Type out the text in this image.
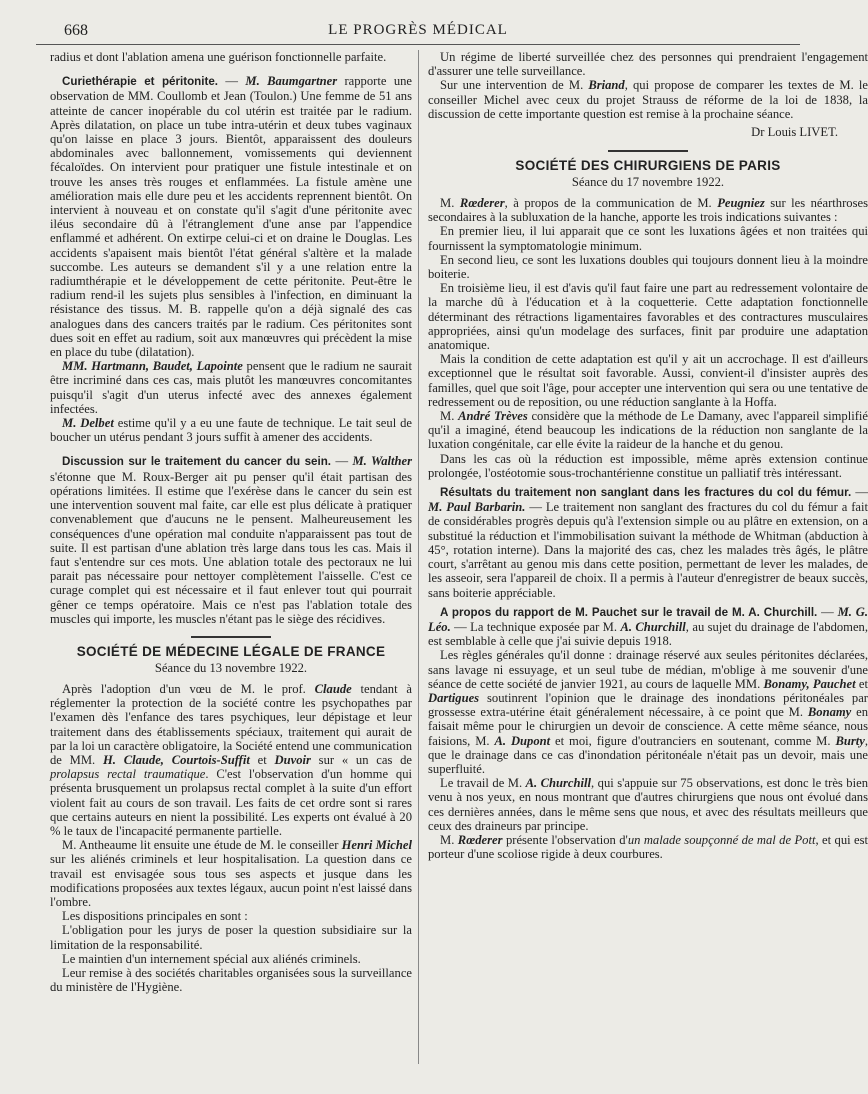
668	LE PROGRÈS MÉDICAL

radius et dont l'ablation amena une guérison fonctionnelle parfaite.

Curiethérapie et péritonite. — M. Baumgartner rapporte une observation de MM. Coullomb et Jean (Toulon.) Une femme de 51 ans atteinte de cancer inopérable du col utérin est traitée par le radium. Après dilatation, on place un tube intra-utérin et deux tubes vaginaux qu'on laisse en place 3 jours. Bientôt, apparaissent des douleurs abdominales avec ballonnement, vomissements qui deviennent fécaloïdes. On intervient pour pratiquer une fistule intestinale et on trouve les anses très rouges et enflammées. La fistule amène une amélioration mais elle dure peu et les accidents reprennent bientôt. On intervient à nouveau et on constate qu'il s'agit d'une péritonite avec iléus secondaire dû à l'étranglement d'une anse par l'appendice enflammé et adhérent. On extirpe celui-ci et on draine le Douglas. Les accidents s'apaisent mais bientôt l'état général s'altère et la malade succombe. Les auteurs se demandent s'il y a une relation entre la radiumthérapie et le développement de cette péritonite. Peut-être le radium rend-il les sujets plus sensibles à l'infection, en diminuant la résistance des tissus. M. B. rappelle qu'on a déjà signalé des cas analogues dans des cancers traités par le radium. Ces péritonites sont dues soit en effet au radium, soit aux manœuvres qui précèdent la mise en place du tube (dilatation).

MM. Hartmann, Baudet, Lapointe pensent que le radium ne saurait être incriminé dans ces cas, mais plutôt les manœuvres concomitantes puisqu'il s'agit d'un uterus infecté avec des annexes également infectées.

M. Delbet estime qu'il y a eu une faute de technique. Le tait seul de boucher un utérus pendant 3 jours suffit à amener des accidents.

Discussion sur le traitement du cancer du sein. — M. Walther s'étonne que M. Roux-Berger ait pu penser qu'il était partisan des opérations limitées. Il estime que l'exérèse dans le cancer du sein est une intervention souvent mal faite, car elle est plus délicate à pratiquer convenablement que d'aucuns ne le pensent. Malheureusement les conséquences d'une opération mal conduite n'apparaissent pas tout de suite. Il est partisan d'une ablation très large dans tous les cas. Mais il faut s'entendre sur ces mots. Une ablation totale des pectoraux ne lui parait pas nécessaire pour nettoyer complètement l'aisselle. C'est ce curage complet qui est nécessaire et il faut enlever tout qui pourrait gêner ce temps opératoire. Mais ce n'est pas l'ablation totale des muscles qui importe, les muscles n'étant pas le siège des récidives.

SOCIÉTÉ DE MÉDECINE LÉGALE DE FRANCE
Séance du 13 novembre 1922.

Après l'adoption d'un vœu de M. le prof. Claude tendant à réglementer la protection de la société contre les psychopathes par l'examen dès l'enfance des tares psychiques, leur dépistage et leur traitement dans des établissements spéciaux, traitement qui aurait de par la loi un caractère obligatoire, la Société entend une communication de MM. H. Claude, Courtois-Suffit et Duvoir sur « un cas de prolapsus rectal traumatique. C'est l'observation d'un homme qui présenta brusquement un prolapsus rectal complet à la suite d'un effort violent fait au cours de son travail. Les faits de cet ordre sont si rares que certains auteurs en nient la possibilité. Les experts ont évalué à 20 % le taux de l'incapacité permanente partielle.

M. Antheaume lit ensuite une étude de M. le conseiller Henri Michel sur les aliénés criminels et leur hospitalisation. La question dans ce travail est envisagée sous tous ses aspects et jusque dans les modifications proposées aux textes légaux, aucun point n'est laissé dans l'ombre.

Les dispositions principales en sont :

L'obligation pour les jurys de poser la question subsidiaire sur la limitation de la responsabilité.

Le maintien d'un internement spécial aux aliénés criminels.

Leur remise à des sociétés charitables organisées sous la surveillance du ministère de l'Hygiène.

Un régime de liberté surveillée chez des personnes qui prendraient l'engagement d'assurer une telle surveillance.

Sur une intervention de M. Briand, qui propose de comparer les textes de M. le conseiller Michel avec ceux du projet Strauss de réforme de la loi de 1838, la discussion de cette importante question est remise à la prochaine séance.

Dr Louis LIVET.
SOCIÉTÉ DES CHIRURGIENS DE PARIS
Séance du 17 novembre 1922.

M. Rœderer, à propos de la communication de M. Peugniez sur les néarthroses secondaires à la subluxation de la hanche, apporte les trois indications suivantes :

En premier lieu, il lui apparait que ce sont les luxations âgées et non traitées qui fournissent la symptomatologie minimum.

En second lieu, ce sont les luxations doubles qui toujours donnent lieu à la moindre boiterie.

En troisième lieu, il est d'avis qu'il faut faire une part au redressement volontaire de la marche dû à l'éducation et à la coquetterie. Cette adaptation fonctionnelle déterminant des rétractions ligamentaires favorables et des contractures musculaires appropriées, ainsi qu'un modelage des surfaces, finit par produire une adaptation anatomique.

Mais la condition de cette adaptation est qu'il y ait un accrochage. Il est d'ailleurs exceptionnel que le résultat soit favorable. Aussi, convient-il d'insister auprès des familles, quel que soit l'âge, pour accepter une intervention qui sera ou une tentative de redressement ou de reposition, ou une réduction sanglante à la Hoffa.

M. André Trèves considère que la méthode de Le Damany, avec l'appareil simplifié qu'il a imaginé, étend beaucoup les indications de la réduction non sanglante de la luxation congénitale, car elle évite la raideur de la hanche et du genou.

Dans les cas où la réduction est impossible, même après extension continue prolongée, l'ostéotomie sous-trochantérienne constitue un palliatif très intéressant.

Résultats du traitement non sanglant dans les fractures du col du fémur. — M. Paul Barbarin. — Le traitement non sanglant des fractures du col du fémur a fait de considérables progrès depuis qu'à l'extension simple ou au plâtre en extension, on a substitué la réduction et l'immobilisation suivant la méthode de Whitman (abduction à 45°, rotation interne). Dans la majorité des cas, chez les malades très âgés, le plâtre court, s'arrêtant au genou mis dans cette position, permettant de lever les malades, de les asseoir, sera l'appareil de choix. Il a permis à l'auteur d'enregistrer de beaux succès, sans boiterie appréciable.

A propos du rapport de M. Pauchet sur le travail de M. A. Churchill. — M. G. Léo. — La technique exposée par M. A. Churchill, au sujet du drainage de l'abdomen, est semblable à celle que j'ai suivie depuis 1918.

Les règles générales qu'il donne : drainage réservé aux seules péritonites déclarées, sans lavage ni essuyage, et un seul tube de médian, m'oblige à me souvenir d'une séance de cette société de janvier 1921, au cours de laquelle MM. Bonamy, Pauchet et Dartigues soutinrent l'opinion que le drainage des inondations péritonéales par grossesse extra-utérine était généralement nécessaire, à ce point que M. Bonamy en faisait même pour le chirurgien un devoir de conscience. A cette même séance, nous faisions, M. A. Dupont et moi, figure d'outranciers en soutenant, comme M. Burty, que le drainage dans ce cas d'inondation péritonéale n'était pas un devoir, mais une superfluité.

Le travail de M. A. Churchill, qui s'appuie sur 75 observations, est donc le très bien venu à nos yeux, en nous montrant que d'autres chirurgiens que nous ont évolué dans ces dernières années, dans le même sens que nous, et avec des résultats meilleurs que ceux des draineurs par principe.

M. Rœderer présente l'observation d'un malade soupçonné de mal de Pott, et qui est porteur d'une scoliose rigide à deux courbures.
